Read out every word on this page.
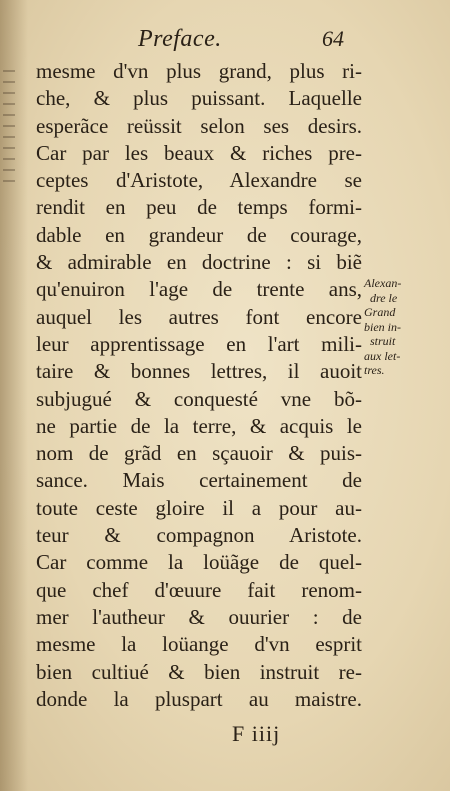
Preface.	64
mesme d'vn plus grand, plus ri-
che, & plus puissant. Laquelle
esperãce reüssit selon ses desirs.
Car par les beaux & riches pre-
ceptes d'Aristote, Alexandre se
rendit en peu de temps formi-
dable en grandeur de courage,
& admirable en doctrine : si biẽ
qu'enuiron l'age de trente ans,
auquel les autres font encore
leur apprentissage en l'art mili-
taire & bonnes lettres, il auoit
subjugué & conquesté vne bõ-
ne partie de la terre, & acquis le
nom de grãd en sçauoir & puis-
sance. Mais certainement de
toute ceste gloire il a pour au-
teur & compagnon Aristote.
Car comme la loüãge de quel-
que chef d'œuure fait renom-
mer l'autheur & ouurier : de
mesme la loüange d'vn esprit
bien cultiué & bien instruit re-
donde la pluspart au maistre.
Alexan-
dre le
Grand
bien in-
struit
aux let-
tres.
F iiij
